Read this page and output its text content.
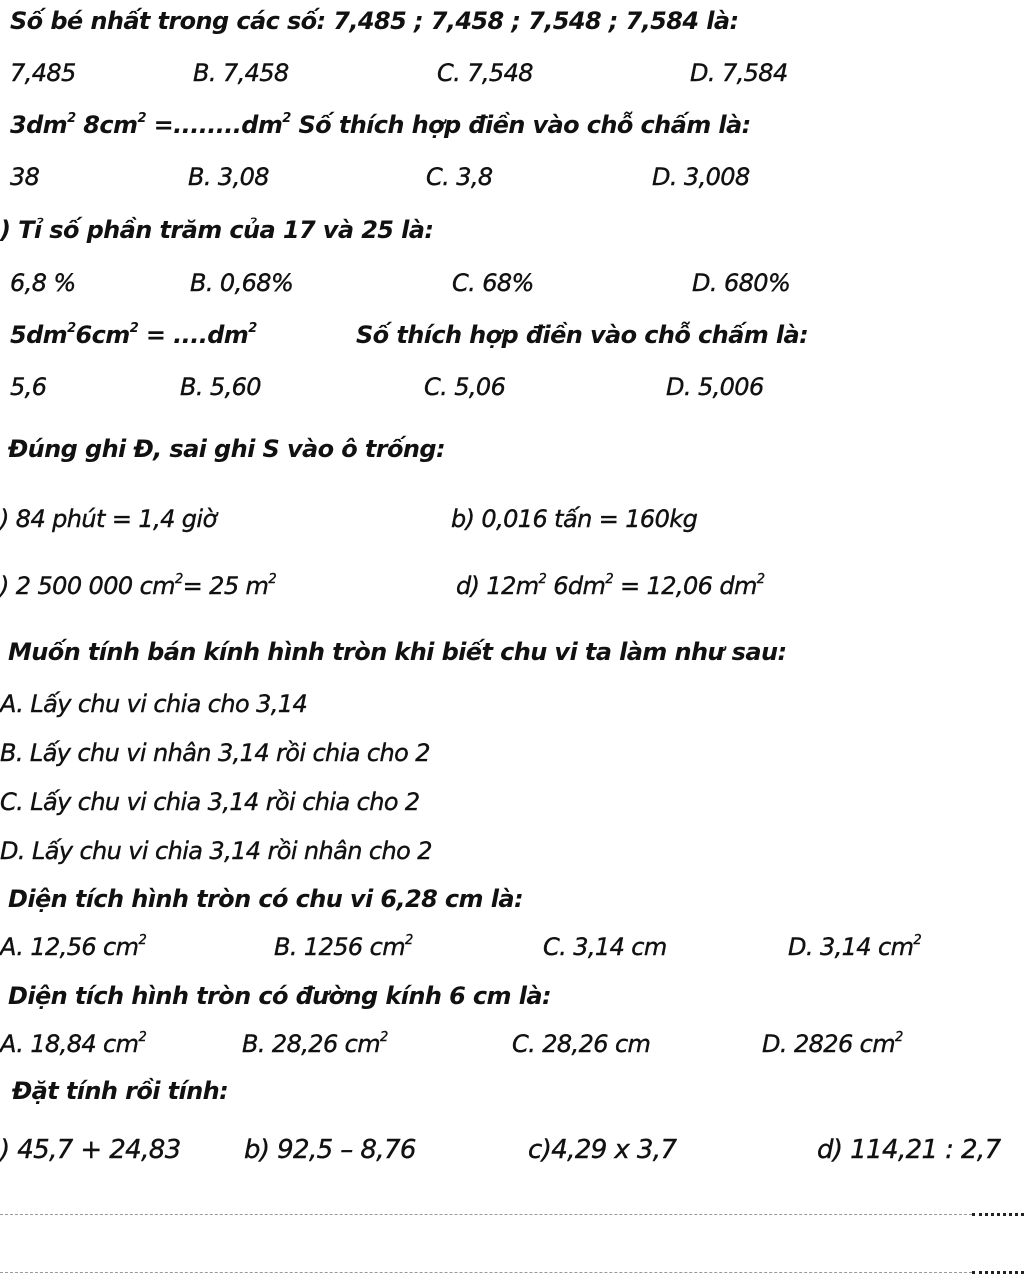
Số bé nhất trong các số: 7,485 ; 7,458 ; 7,548 ; 7,584 là:
7,485	B. 7,458	C. 7,548	D. 7,584
$3dm^2$ $8cm^2 =........dm^2$ Số thích hợp điền vào chỗ chấm là:
38	B. 3,08	C. 3,8	D. 3,008
) Tỉ số phần trăm của 17 và 25 là:
6,8 %	B. 0,68%	C. 68%	D. 680%
$5dm^26cm^2 = ....dm^2$	Số thích hợp điền vào chỗ chấm là:
5,6	B. 5,60	C. 5,06	D. 5,006
Đúng ghi Đ, sai ghi S vào ô trống:
) 84 phút = 1,4 giờ	b) 0,016 tấn = 160kg
) 2 500 000 $cm^2= 25$ $m^2$	d) $12m^2$ $6dm^2 = 12,06$ $dm^2$
Muốn tính bán kính hình tròn khi biết chu vi ta làm như sau:
A. Lấy chu vi chia cho 3,14
B. Lấy chu vi nhân 3,14 rồi chia cho 2
C. Lấy chu vi chia 3,14 rồi chia cho 2
D. Lấy chu vi chia 3,14 rồi nhân cho 2
Diện tích hình tròn có chu vi 6,28 cm là:
A. 12,56 $cm^2$	B. 1256 $cm^2$	C. 3,14 cm	D. 3,14 $cm^2$
Diện tích hình tròn có đường kính 6 cm là:
A. 18,84 $cm^2$	B. 28,26 $cm^2$	C. 28,26 cm	D. 2826 $cm^2$
Đặt tính rồi tính:
) 45,7 + 24,83 b) 92,5 – 8,76	c)4,29 x 3,7	d) 114,21 : 2,7
